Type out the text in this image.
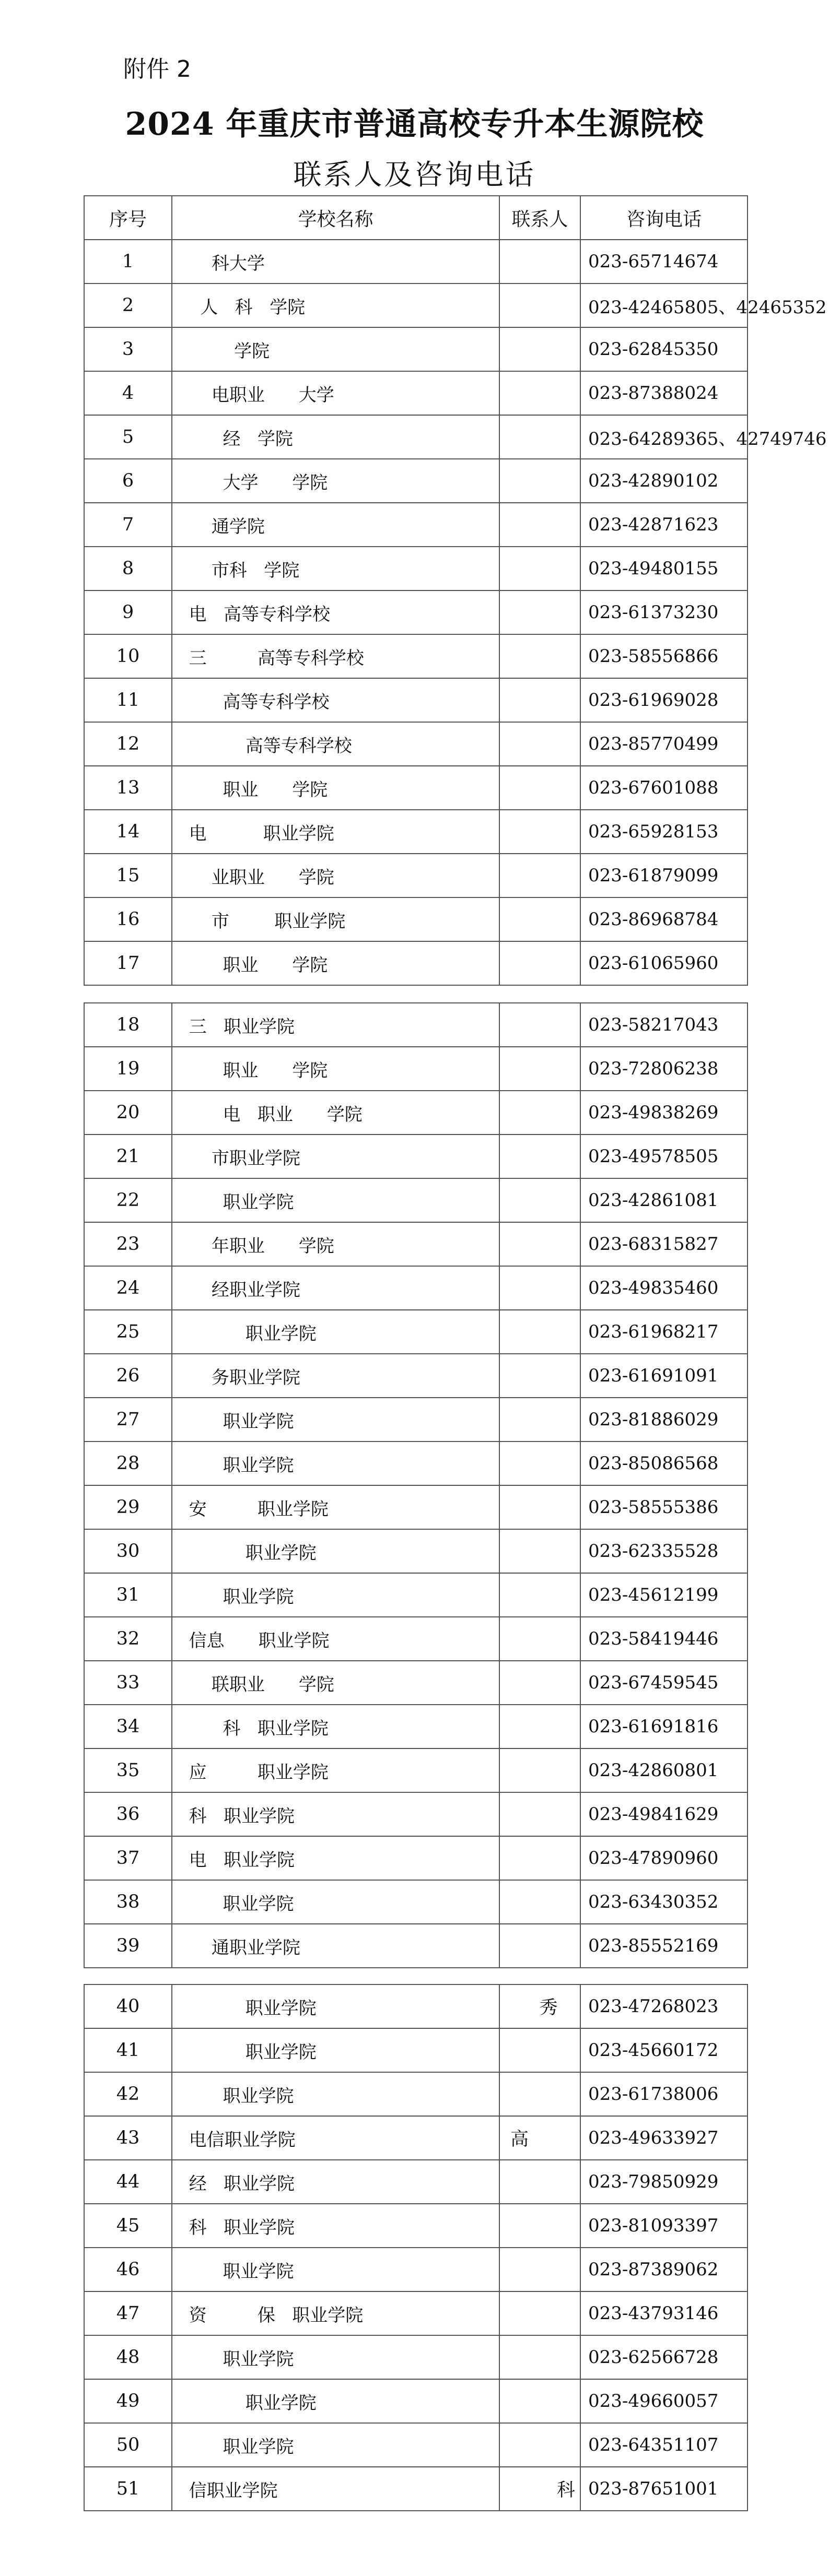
附件 2
2024 年重庆市普通高校专升本生源院校
联系人及咨询电话
序号	学校名称	联系人	咨询电话
1	科大学		023-65714674
2	人   科   学院		023-42465805、42465352
3	学院		023-62845350
4	电职业      大学		023-87388024
5	经   学院		023-64289365、42749746
6	大学      学院		023-42890102
7	通学院		023-42871623
8	市科   学院		023-49480155
9	电   高等专科学校		023-61373230
10	三         高等专科学校		023-58556866
11	高等专科学校		023-61969028
12	高等专科学校		023-85770499
13	职业      学院		023-67601088
14	电          职业学院		023-65928153
15	业职业      学院		023-61879099
16	市        职业学院		023-86968784
17	职业      学院		023-61065960
18	三   职业学院		023-58217043
19	职业      学院		023-72806238
20	电   职业      学院		023-49838269
21	市职业学院		023-49578505
22	职业学院		023-42861081
23	年职业      学院		023-68315827
24	经职业学院		023-49835460
25	职业学院		023-61968217
26	务职业学院		023-61691091
27	职业学院		023-81886029
28	职业学院		023-85086568
29	安         职业学院		023-58555386
30	职业学院		023-62335528
31	职业学院		023-45612199
32	信息      职业学院		023-58419446
33	联职业      学院		023-67459545
34	科   职业学院		023-61691816
35	应         职业学院		023-42860801
36	科   职业学院		023-49841629
37	电   职业学院		023-47890960
38	职业学院		023-63430352
39	通职业学院		023-85552169
40	职业学院	秀	023-47268023
41	职业学院		023-45660172
42	职业学院		023-61738006
43	电信职业学院	高	023-49633927
44	经   职业学院		023-79850929
45	科   职业学院		023-81093397
46	职业学院		023-87389062
47	资         保   职业学院		023-43793146
48	职业学院		023-62566728
49	职业学院		023-49660057
50	职业学院		023-64351107
51	信职业学院	科	023-87651001
